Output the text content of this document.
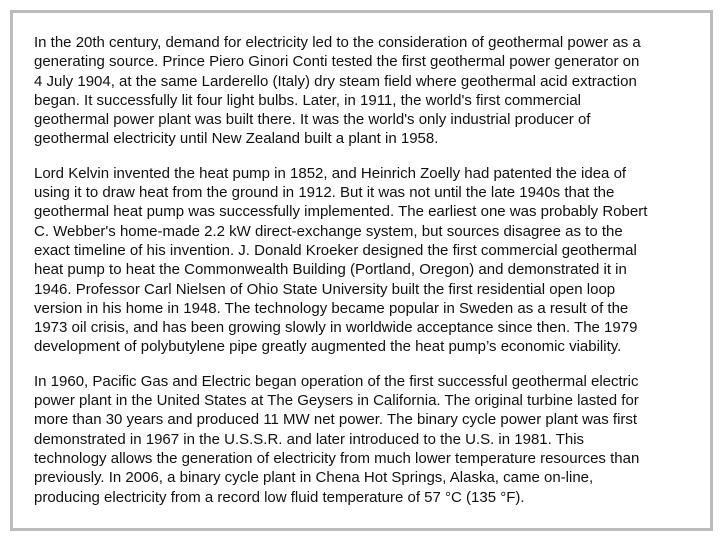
In the 20th century, demand for electricity led to the consideration of geothermal power as a
generating source. Prince Piero Ginori Conti tested the first geothermal power generator on
4 July 1904, at the same Larderello (Italy) dry steam field where geothermal acid extraction
began. It successfully lit four light bulbs. Later, in 1911, the world's first commercial
geothermal power plant was built there. It was the world's only industrial producer of
geothermal electricity until New Zealand built a plant in 1958.

Lord Kelvin invented the heat pump in 1852, and Heinrich Zoelly had patented the idea of
using it to draw heat from the ground in 1912. But it was not until the late 1940s that the
geothermal heat pump was successfully implemented. The earliest one was probably Robert
C. Webber's home-made 2.2 kW direct-exchange system, but sources disagree as to the
exact timeline of his invention. J. Donald Kroeker designed the first commercial geothermal
heat pump to heat the Commonwealth Building (Portland, Oregon) and demonstrated it in
1946. Professor Carl Nielsen of Ohio State University built the first residential open loop
version in his home in 1948. The technology became popular in Sweden as a result of the
1973 oil crisis, and has been growing slowly in worldwide acceptance since then. The 1979
development of polybutylene pipe greatly augmented the heat pump’s economic viability.

In 1960, Pacific Gas and Electric began operation of the first successful geothermal electric
power plant in the United States at The Geysers in California. The original turbine lasted for
more than 30 years and produced 11 MW net power. The binary cycle power plant was first
demonstrated in 1967 in the U.S.S.R. and later introduced to the U.S. in 1981. This
technology allows the generation of electricity from much lower temperature resources than
previously. In 2006, a binary cycle plant in Chena Hot Springs, Alaska, came on-line,
producing electricity from a record low fluid temperature of 57 °C (135 °F).
